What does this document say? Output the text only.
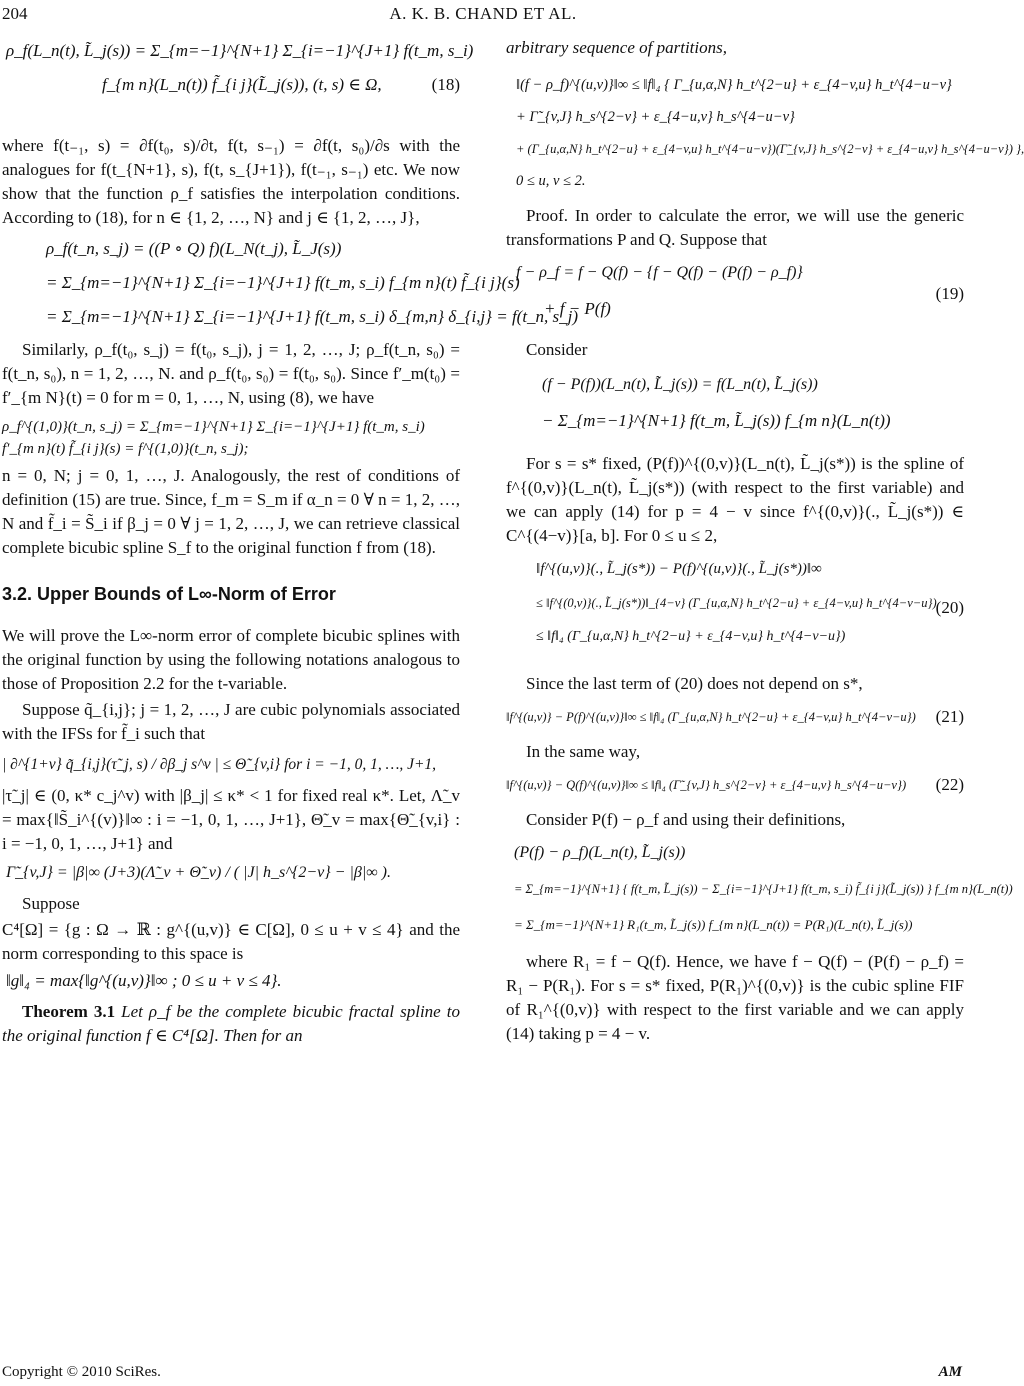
204	A. K. B. CHAND ET AL.
ρ_f(L_n(t), L̃_j(s)) = Σ_{m=−1}^{N+1} Σ_{i=−1}^{J+1} f(t_m, s_i)
f_{m n}(L_n(t)) f̃_{i j}(L̃_j(s)), (t, s) ∈ Ω,	(18)

where f(t₋₁, s) = ∂f(t₀, s)/∂t, f(t, s₋₁) = ∂f(t, s₀)/∂s with the analogues for f(t_{N+1}, s), f(t, s_{J+1}), f(t₋₁, s₋₁) etc. We now show that the function ρ_f satisfies the interpolation conditions. According to (18), for n ∈ {1, 2, …, N} and j ∈ {1, 2, …, J},

ρ_f(t_n, s_j) = ((P ∘ Q) f)(L_N(t_j), L̃_J(s))
= Σ_{m=−1}^{N+1} Σ_{i=−1}^{J+1} f(t_m, s_i) f_{m n}(t) f̃_{i j}(s)
= Σ_{m=−1}^{N+1} Σ_{i=−1}^{J+1} f(t_m, s_i) δ_{m,n} δ_{i,j} = f(t_n, s_j)

Similarly, ρ_f(t₀, s_j) = f(t₀, s_j), j = 1, 2, …, J; ρ_f(t_n, s₀) = f(t_n, s₀), n = 1, 2, …, N. and ρ_f(t₀, s₀) = f(t₀, s₀). Since f′_m(t₀) = f′_{m N}(t) = 0 for m = 0, 1, …, N, using (8), we have

ρ_f^{(1,0)}(t_n, s_j) = Σ_{m=−1}^{N+1} Σ_{i=−1}^{J+1} f(t_m, s_i) f′_{m n}(t) f̃_{i j}(s) = f^{(1,0)}(t_n, s_j);

n = 0, N; j = 0, 1, …, J. Analogously, the rest of conditions of definition (15) are true. Since, f_m = S_m if α_n = 0 ∀ n = 1, 2, …, N and f̃_i = S̃_i if β_j = 0 ∀ j = 1, 2, …, J, we can retrieve classical complete bicubic spline S_f to the original function f from (18).

3.2. Upper Bounds of L∞-Norm of Error

We will prove the L∞-norm error of complete bicubic splines with the original function by using the following notations analogous to those of Proposition 2.2 for the t-variable.

Suppose q̃_{i,j}; j = 1, 2, …, J are cubic polynomials associated with the IFSs for f̃_i such that

| ∂^{1+v} q̃_{i,j}(τ̃_j, s) / ∂β_j s^v | ≤ Θ̃_{v,i} for i = −1, 0, 1, …, J+1,

|τ̃_j| ∈ (0, κ* c_j^v) with |β_j| ≤ κ* < 1 for fixed real κ*. Let, Λ̃_v = max{‖S̃_i^{(v)}‖∞ : i = −1, 0, 1, …, J+1}, Θ̃_v = max{Θ̃_{v,i} : i = −1, 0, 1, …, J+1} and

Γ̃_{v,J} = |β|∞ (J+3)(Λ̃_v + Θ̃_v) / ( |J| h_s^{2−v} − |β|∞ ).

Suppose

C⁴[Ω] = {g : Ω → ℝ : g^{(u,v)} ∈ C[Ω], 0 ≤ u + v ≤ 4} and the norm corresponding to this space is

‖g‖₄ = max{‖g^{(u,v)}‖∞ ; 0 ≤ u + v ≤ 4}.

Theorem 3.1 Let ρ_f be the complete bicubic fractal spline to the original function f ∈ C⁴[Ω]. Then for an

arbitrary sequence of partitions,

‖(f − ρ_f)^{(u,v)}‖∞ ≤ ‖f‖₄ { Γ_{u,α,N} h_t^{2−u} + ε_{4−v,u} h_t^{4−u−v}
+ Γ̃_{v,J} h_s^{2−v} + ε_{4−u,v} h_s^{4−u−v}
+ (Γ_{u,α,N} h_t^{2−u} + ε_{4−v,u} h_t^{4−u−v})(Γ̃_{v,J} h_s^{2−v} + ε_{4−u,v} h_s^{4−u−v}) },
0 ≤ u, v ≤ 2.

Proof. In order to calculate the error, we will use the generic transformations P and Q. Suppose that

f − ρ_f = f − Q(f) − {f − Q(f) − (P(f) − ρ_f)}
+ f − P(f)
(19)

Consider

(f − P(f))(L_n(t), L̃_j(s)) = f(L_n(t), L̃_j(s))
− Σ_{m=−1}^{N+1} f(t_m, L̃_j(s)) f_{m n}(L_n(t))

For s = s* fixed, (P(f))^{(0,v)}(L_n(t), L̃_j(s*)) is the spline of f^{(0,v)}(L_n(t), L̃_j(s*)) (with respect to the first variable) and we can apply (14) for p = 4 − v since f^{(0,v)}(., L̃_j(s*)) ∈ C^{(4−v)}[a, b]. For 0 ≤ u ≤ 2,

‖f^{(u,v)}(., L̃_j(s*)) − P(f)^{(u,v)}(., L̃_j(s*))‖∞
≤ ‖f^{(0,v)}(., L̃_j(s*))‖_{4−v} (Γ_{u,α,N} h_t^{2−u} + ε_{4−v,u} h_t^{4−v−u})
≤ ‖f‖₄ (Γ_{u,α,N} h_t^{2−u} + ε_{4−v,u} h_t^{4−v−u})
(20)

Since the last term of (20) does not depend on s*,

‖f^{(u,v)} − P(f)^{(u,v)}‖∞ ≤ ‖f‖₄ (Γ_{u,α,N} h_t^{2−u} + ε_{4−v,u} h_t^{4−v−u})	(21)

In the same way,

‖f^{(u,v)} − Q(f)^{(u,v)}‖∞ ≤ ‖f‖₄ (Γ̃_{v,J} h_s^{2−v} + ε_{4−u,v} h_s^{4−u−v})	(22)

Consider P(f) − ρ_f and using their definitions,

(P(f) − ρ_f)(L_n(t), L̃_j(s))
= Σ_{m=−1}^{N+1} { f(t_m, L̃_j(s)) − Σ_{i=−1}^{J+1} f(t_m, s_i) f̃_{i j}(L̃_j(s)) } f_{m n}(L_n(t))
= Σ_{m=−1}^{N+1} R₁(t_m, L̃_j(s)) f_{m n}(L_n(t)) = P(R₁)(L_n(t), L̃_j(s))

where R₁ = f − Q(f). Hence, we have f − Q(f) − (P(f) − ρ_f) = R₁ − P(R₁). For s = s* fixed, P(R₁)^{(0,v)} is the cubic spline FIF of R₁^{(0,v)} with respect to the first variable and we can apply (14) taking p = 4 − v.

Copyright © 2010 SciRes.	AM
